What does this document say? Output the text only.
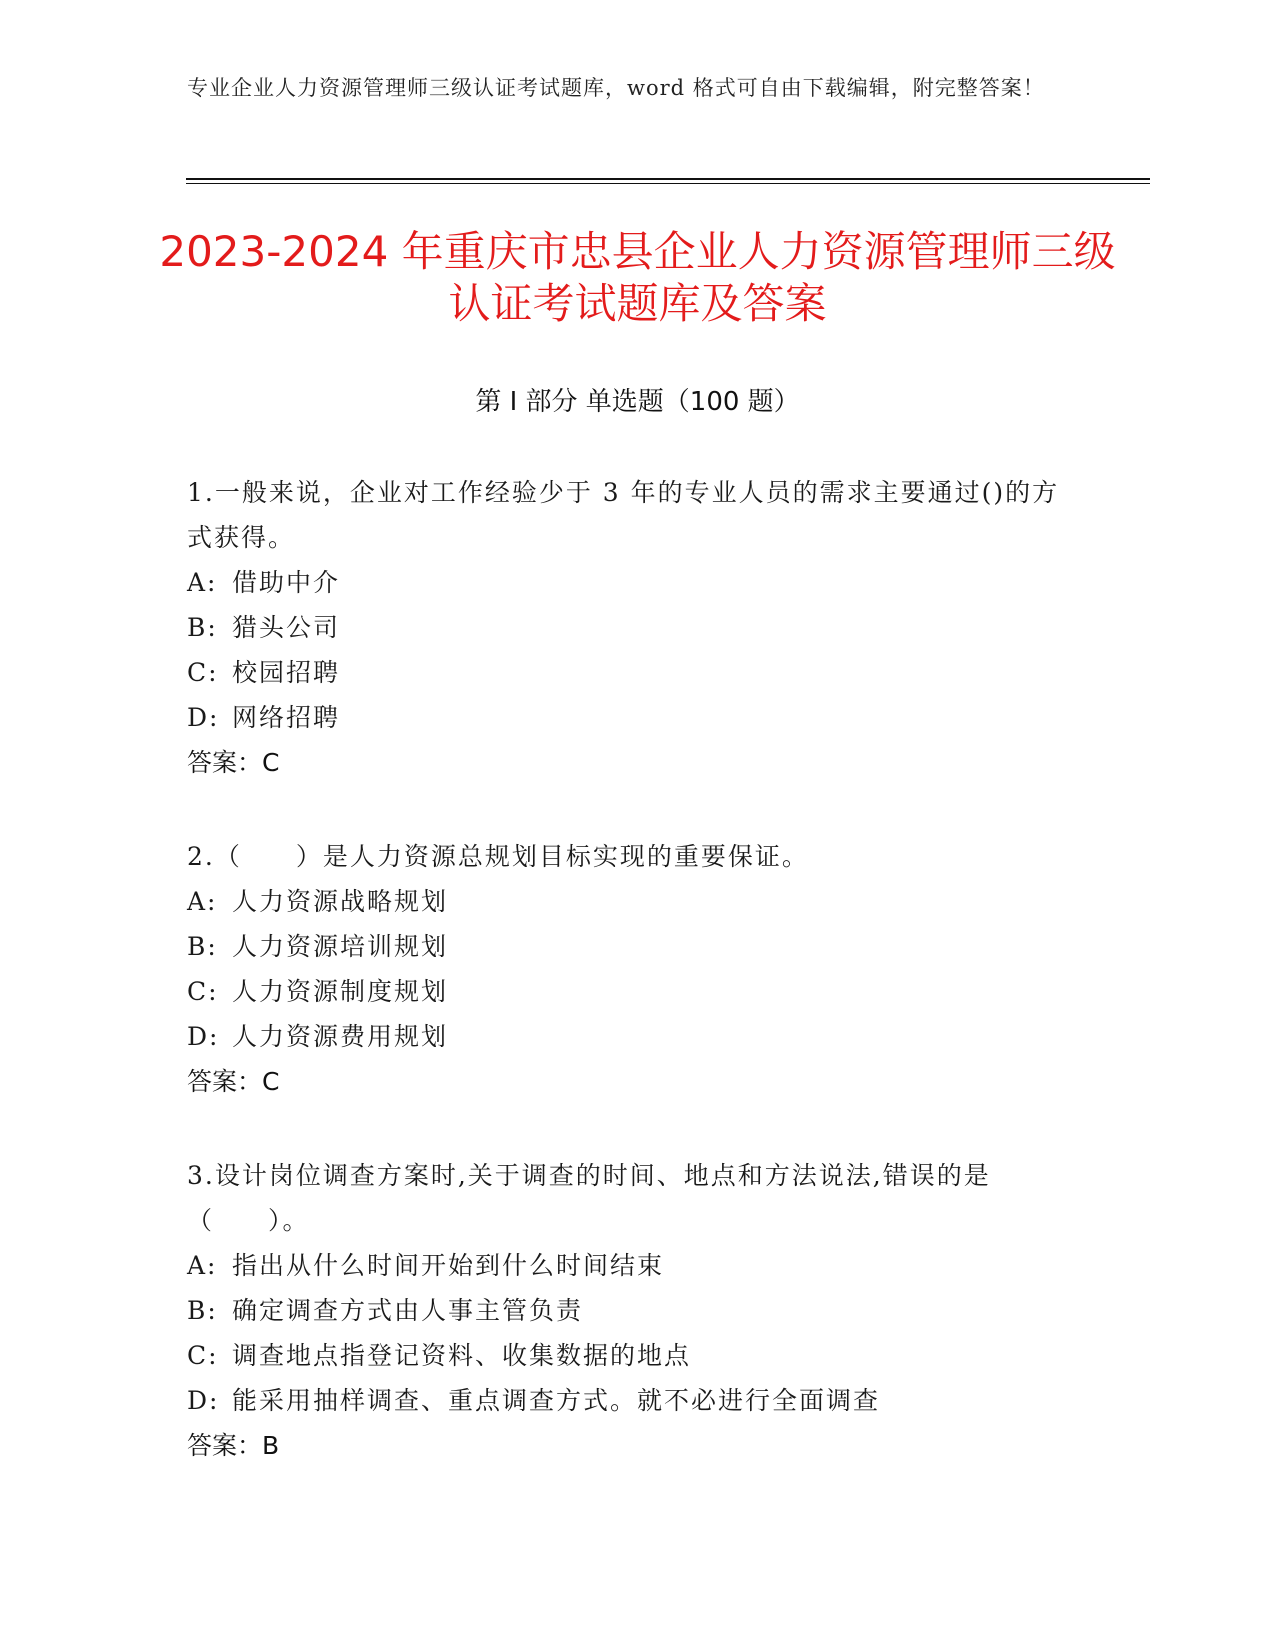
专业企业人力资源管理师三级认证考试题库，word 格式可自由下载编辑，附完整答案！
2023-2024 年重庆市忠县企业人力资源管理师三级认证考试题库及答案
第 I 部分 单选题（100 题）

1.一般来说，企业对工作经验少于 3 年的专业人员的需求主要通过()的方式获得。

A: 借助中介

B: 猎头公司

C: 校园招聘

D: 网络招聘

答案：C

2.（　　）是人力资源总规划目标实现的重要保证。

A: 人力资源战略规划

B: 人力资源培训规划

C: 人力资源制度规划

D: 人力资源费用规划

答案：C

3.设计岗位调查方案时,关于调查的时间、地点和方法说法,错误的是（　　）。

A: 指出从什么时间开始到什么时间结束

B: 确定调查方式由人事主管负责

C: 调查地点指登记资料、收集数据的地点

D: 能采用抽样调查、重点调查方式。就不必进行全面调查

答案：B
